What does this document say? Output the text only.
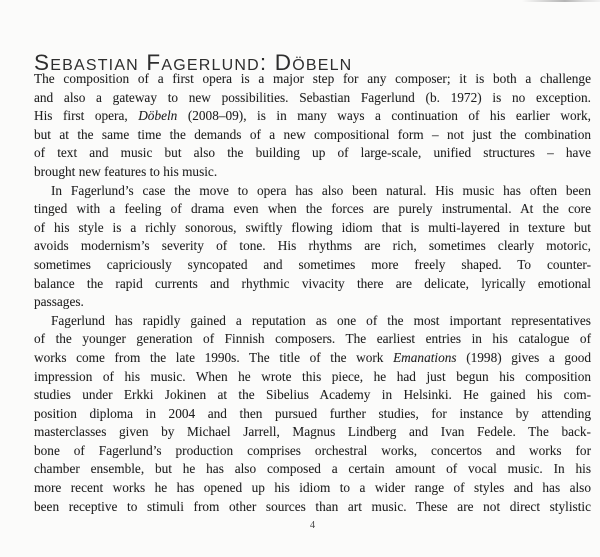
Sebastian Fagerlund: Döbeln
The composition of a first opera is a major step for any composer; it is both a challenge
and also a gateway to new possibilities. Sebastian Fagerlund (b. 1972) is no exception.
His first opera, Döbeln (2008–09), is in many ways a continuation of his earlier work,
but at the same time the demands of a new compositional form – not just the combination
of text and music but also the building up of large-scale, unified structures – have
brought new features to his music.
In Fagerlund’s case the move to opera has also been natural. His music has often been
tinged with a feeling of drama even when the forces are purely instrumental. At the core
of his style is a richly sonorous, swiftly flowing idiom that is multi-layered in texture but
avoids modernism’s severity of tone. His rhythms are rich, sometimes clearly motoric,
sometimes capriciously syncopated and sometimes more freely shaped. To counter-
balance the rapid currents and rhythmic vivacity there are delicate, lyrically emotional
passages.
Fagerlund has rapidly gained a reputation as one of the most important representatives
of the younger generation of Finnish composers. The earliest entries in his catalogue of
works come from the late 1990s. The title of the work Emanations (1998) gives a good
impression of his music. When he wrote this piece, he had just begun his composition
studies under Erkki Jokinen at the Sibelius Academy in Helsinki. He gained his com-
position diploma in 2004 and then pursued further studies, for instance by attending
masterclasses given by Michael Jarrell, Magnus Lindberg and Ivan Fedele. The back-
bone of Fagerlund’s production comprises orchestral works, concertos and works for
chamber ensemble, but he has also composed a certain amount of vocal music. In his
more recent works he has opened up his idiom to a wider range of styles and has also
been receptive to stimuli from other sources than art music. These are not direct stylistic
4
